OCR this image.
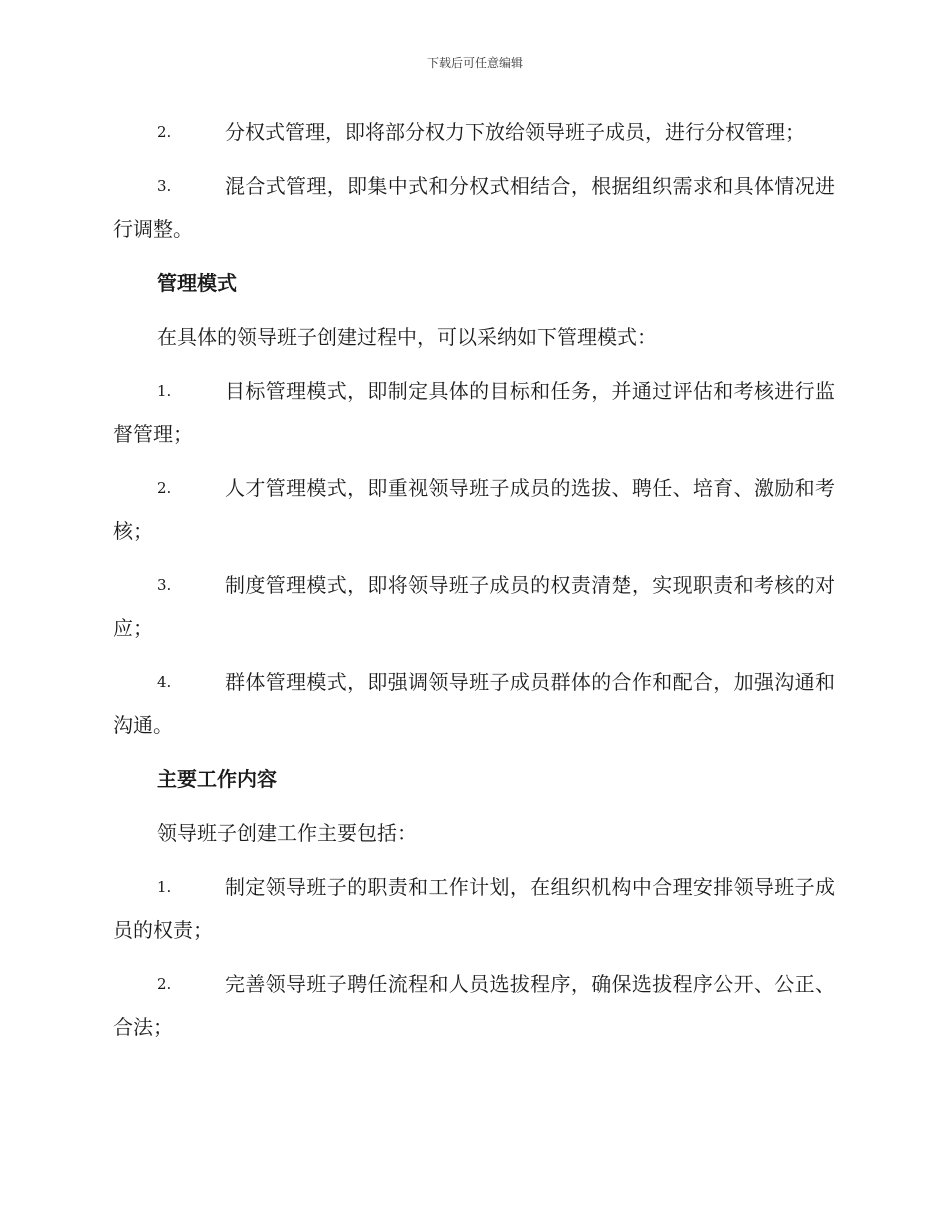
下载后可任意编辑
2.	分权式管理，即将部分权力下放给领导班子成员，进行分权管理；
3.	混合式管理，即集中式和分权式相结合，根据组织需求和具体情况进行调整。
管理模式
在具体的领导班子创建过程中，可以采纳如下管理模式：
1.	目标管理模式，即制定具体的目标和任务，并通过评估和考核进行监督管理；
2.	人才管理模式，即重视领导班子成员的选拔、聘任、培育、激励和考核；
3.	制度管理模式，即将领导班子成员的权责清楚，实现职责和考核的对应；
4.	群体管理模式，即强调领导班子成员群体的合作和配合，加强沟通和沟通。
主要工作内容
领导班子创建工作主要包括：
1.	制定领导班子的职责和工作计划，在组织机构中合理安排领导班子成员的权责；
2.	完善领导班子聘任流程和人员选拔程序，确保选拔程序公开、公正、合法；
